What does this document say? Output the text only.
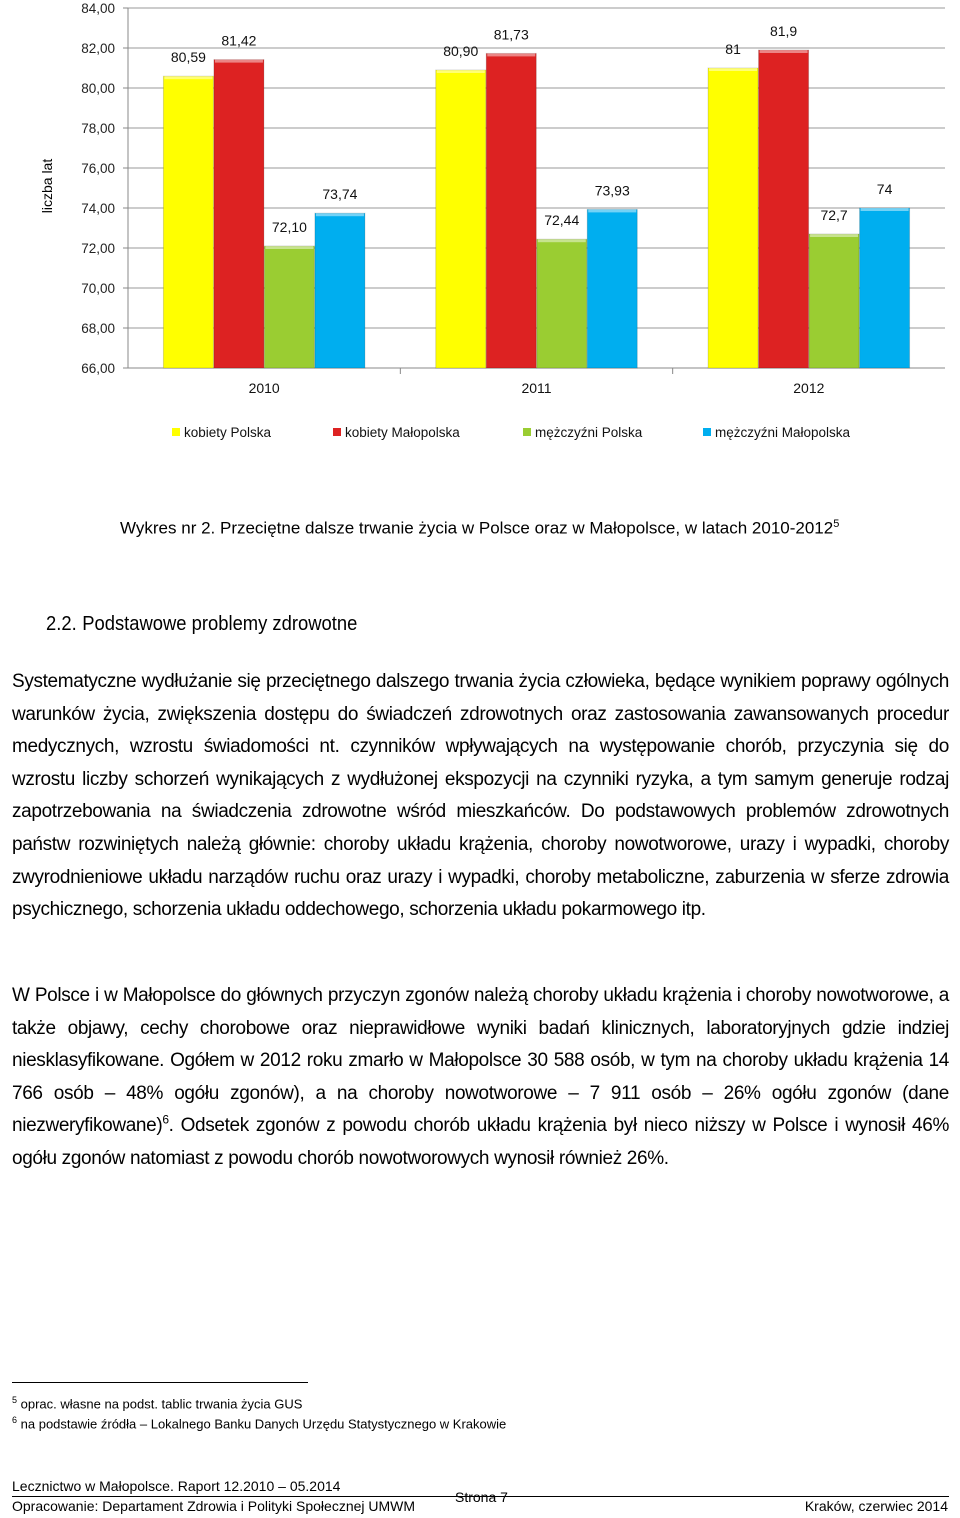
84,00
82,00
80,00
78,00
76,00
74,00
72,00
70,00
68,00
66,00
liczba lat
80,59
81,42
72,10
73,74
80,90
81,73
72,44
73,93
81
81,9
72,7
74
2010	2011	2012
kobiety Polska	kobiety Małopolska	mężczyźni Polska	mężczyźni Małopolska
Wykres nr 2. Przeciętne dalsze trwanie życia w Polsce oraz w Małopolsce, w latach 2010-2012$^5$
2.2. Podstawowe problemy zdrowotne
Systematyczne wydłużanie się przeciętnego dalszego trwania życia człowieka, będące wynikiem poprawy ogólnych warunków życia, zwiększenia dostępu do świadczeń zdrowotnych oraz zastosowania zawansowanych procedur medycznych, wzrostu świadomości nt. czynników wpływających na występowanie chorób, przyczynia się do wzrostu liczby schorzeń wynikających z wydłużonej ekspozycji na czynniki ryzyka, a tym samym generuje rodzaj zapotrzebowania na świadczenia zdrowotne wśród mieszkańców. Do podstawowych problemów zdrowotnych państw rozwiniętych należą głównie: choroby układu krążenia, choroby nowotworowe, urazy i wypadki, choroby zwyrodnieniowe układu narządów ruchu oraz urazy i wypadki, choroby metaboliczne, zaburzenia w sferze zdrowia psychicznego, schorzenia układu oddechowego, schorzenia układu pokarmowego itp.
W Polsce i w Małopolsce do głównych przyczyn zgonów należą choroby układu krążenia i choroby nowotworowe, a także objawy, cechy chorobowe oraz nieprawidłowe wyniki badań klinicznych, laboratoryjnych gdzie indziej niesklasyfikowane. Ogółem w 2012 roku zmarło w Małopolsce 30 588 osób, w tym na choroby układu krążenia 14 766 osób – 48% ogółu zgonów), a na choroby nowotworowe – 7 911 osób – 26% ogółu zgonów (dane niezweryfikowane)$^6$. Odsetek zgonów z powodu chorób układu krążenia był nieco niższy w Polsce i wynosił 46% ogółu zgonów natomiast z powodu chorób nowotworowych wynosił również 26%.
$^5$ oprac. własne na podst. tablic trwania życia GUS
$^6$ na podstawie źródła – Lokalnego Banku Danych Urzędu Statystycznego w Krakowie
Lecznictwo w Małopolsce. Raport 12.2010 – 05.2014
Opracowanie: Departament Zdrowia i Polityki Społecznej UMWM
Strona 7
Kraków, czerwiec 2014
